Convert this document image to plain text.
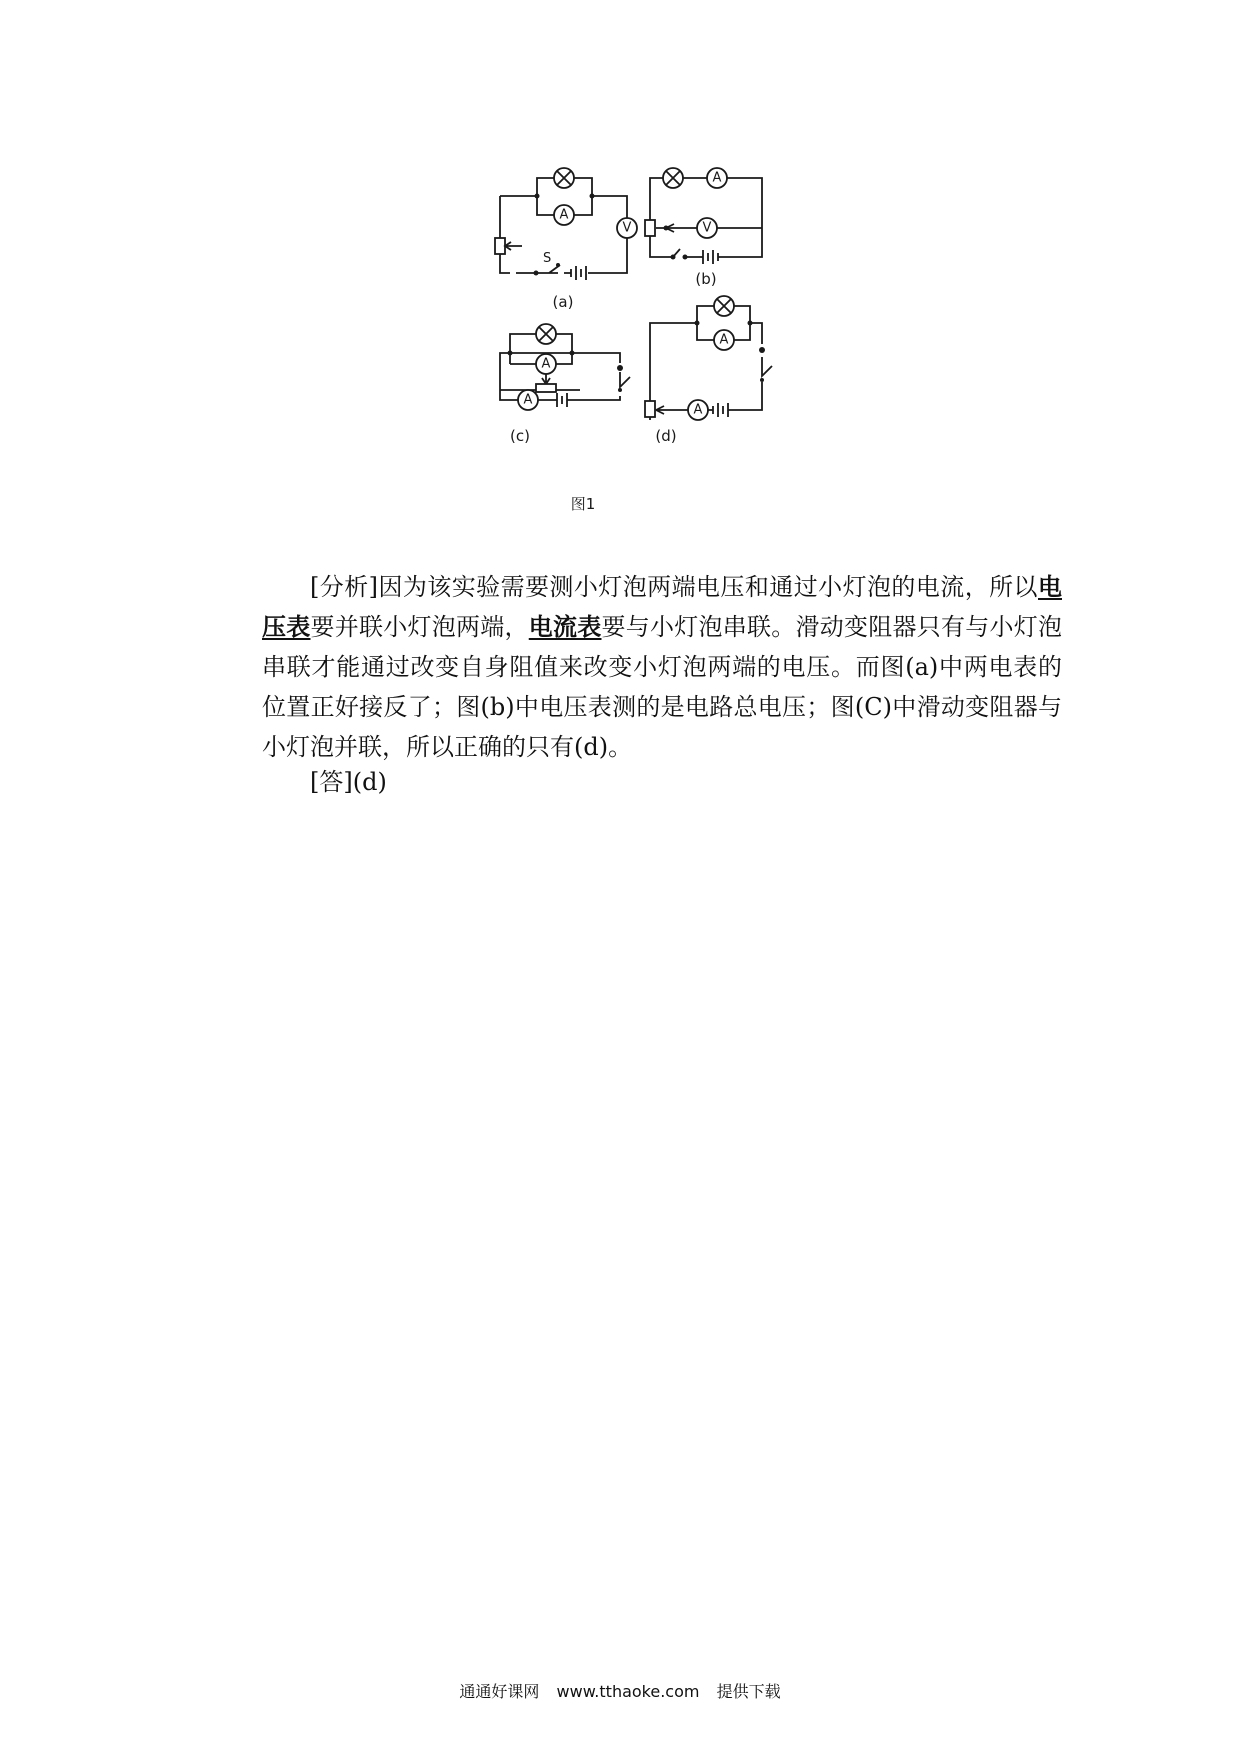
A
V
S
(a)
A
V
(b)
A
A
(c)
A
A
(d)
图1

[分析]因为该实验需要测小灯泡两端电压和通过小灯泡的电流，所以电压表要并联小灯泡两端，电流表要与小灯泡串联。滑动变阻器只有与小灯泡串联才能通过改变自身阻值来改变小灯泡两端的电压。而图(a)中两电表的位置正好接反了；图(b)中电压表测的是电路总电压；图(C)中滑动变阻器与小灯泡并联，所以正确的只有(d)。

[答](d)

通通好课网 www.tthaoke.com 提供下载
